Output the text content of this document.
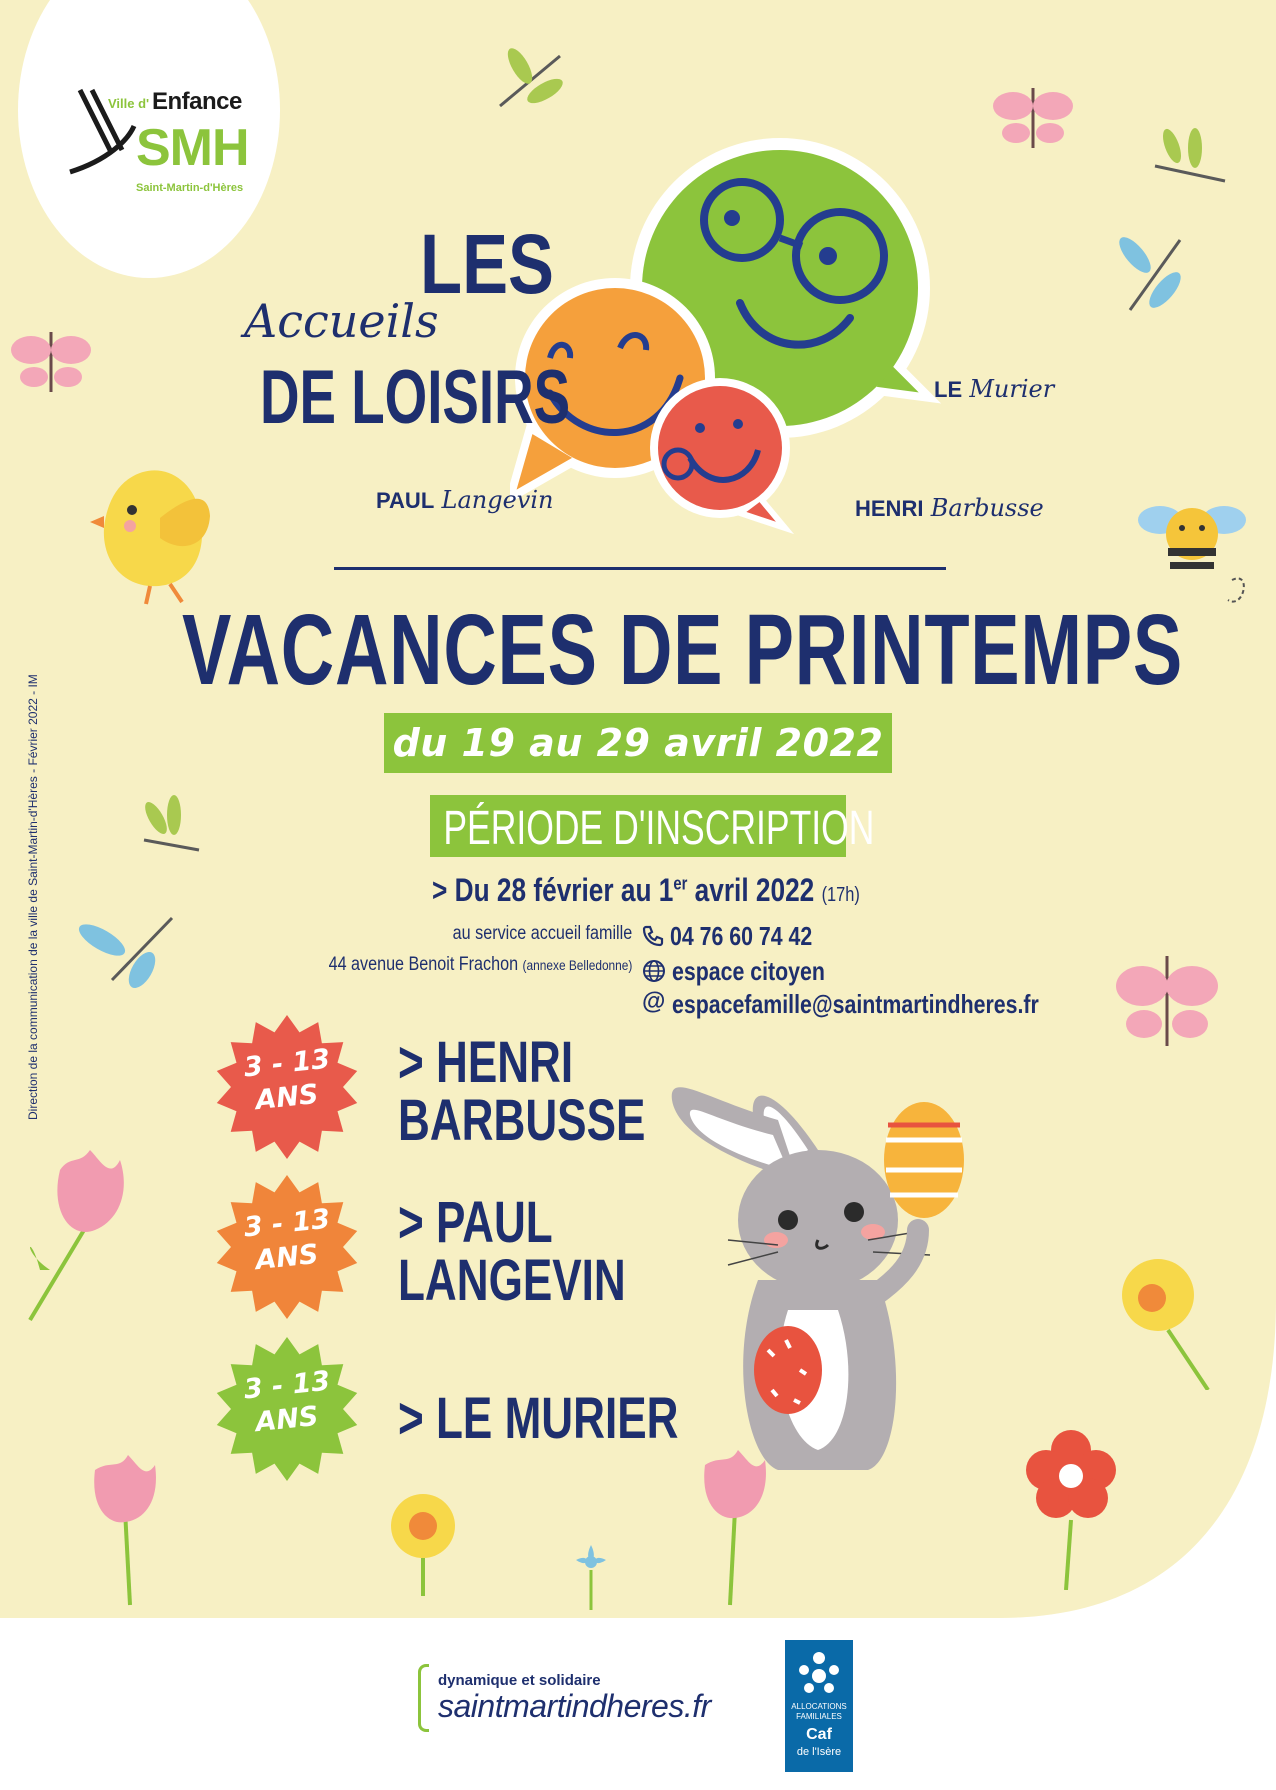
Ville d' Enfance
SMH
Saint-Martin-d'Hères
LES
Accueils
DE LOISIRS	LE Murier
PAUL Langevin	HENRI Barbusse
VACANCES DE PRINTEMPS
du 19 au 29 avril 2022
PÉRIODE D'INSCRIPTION
> Du 28 février au 1er avril 2022 (17h)
au service accueil famille
44 avenue Benoit Frachon (annexe Belledonne)
04 76 60 74 42
espace citoyen
@ espacefamille@saintmartindheres.fr
3 - 13
ANS
3 - 13
ANS
3 - 13
ANS
> HENRI
BARBUSSE
> PAUL
LANGEVIN
> LE MURIER
Direction de la communication de la ville de Saint-Martin-d'Hères - Février 2022 - IM
dynamique et solidaire
saintmartindheres.fr	ALLOCATIONS
FAMILIALES
Caf
de l'Isère
